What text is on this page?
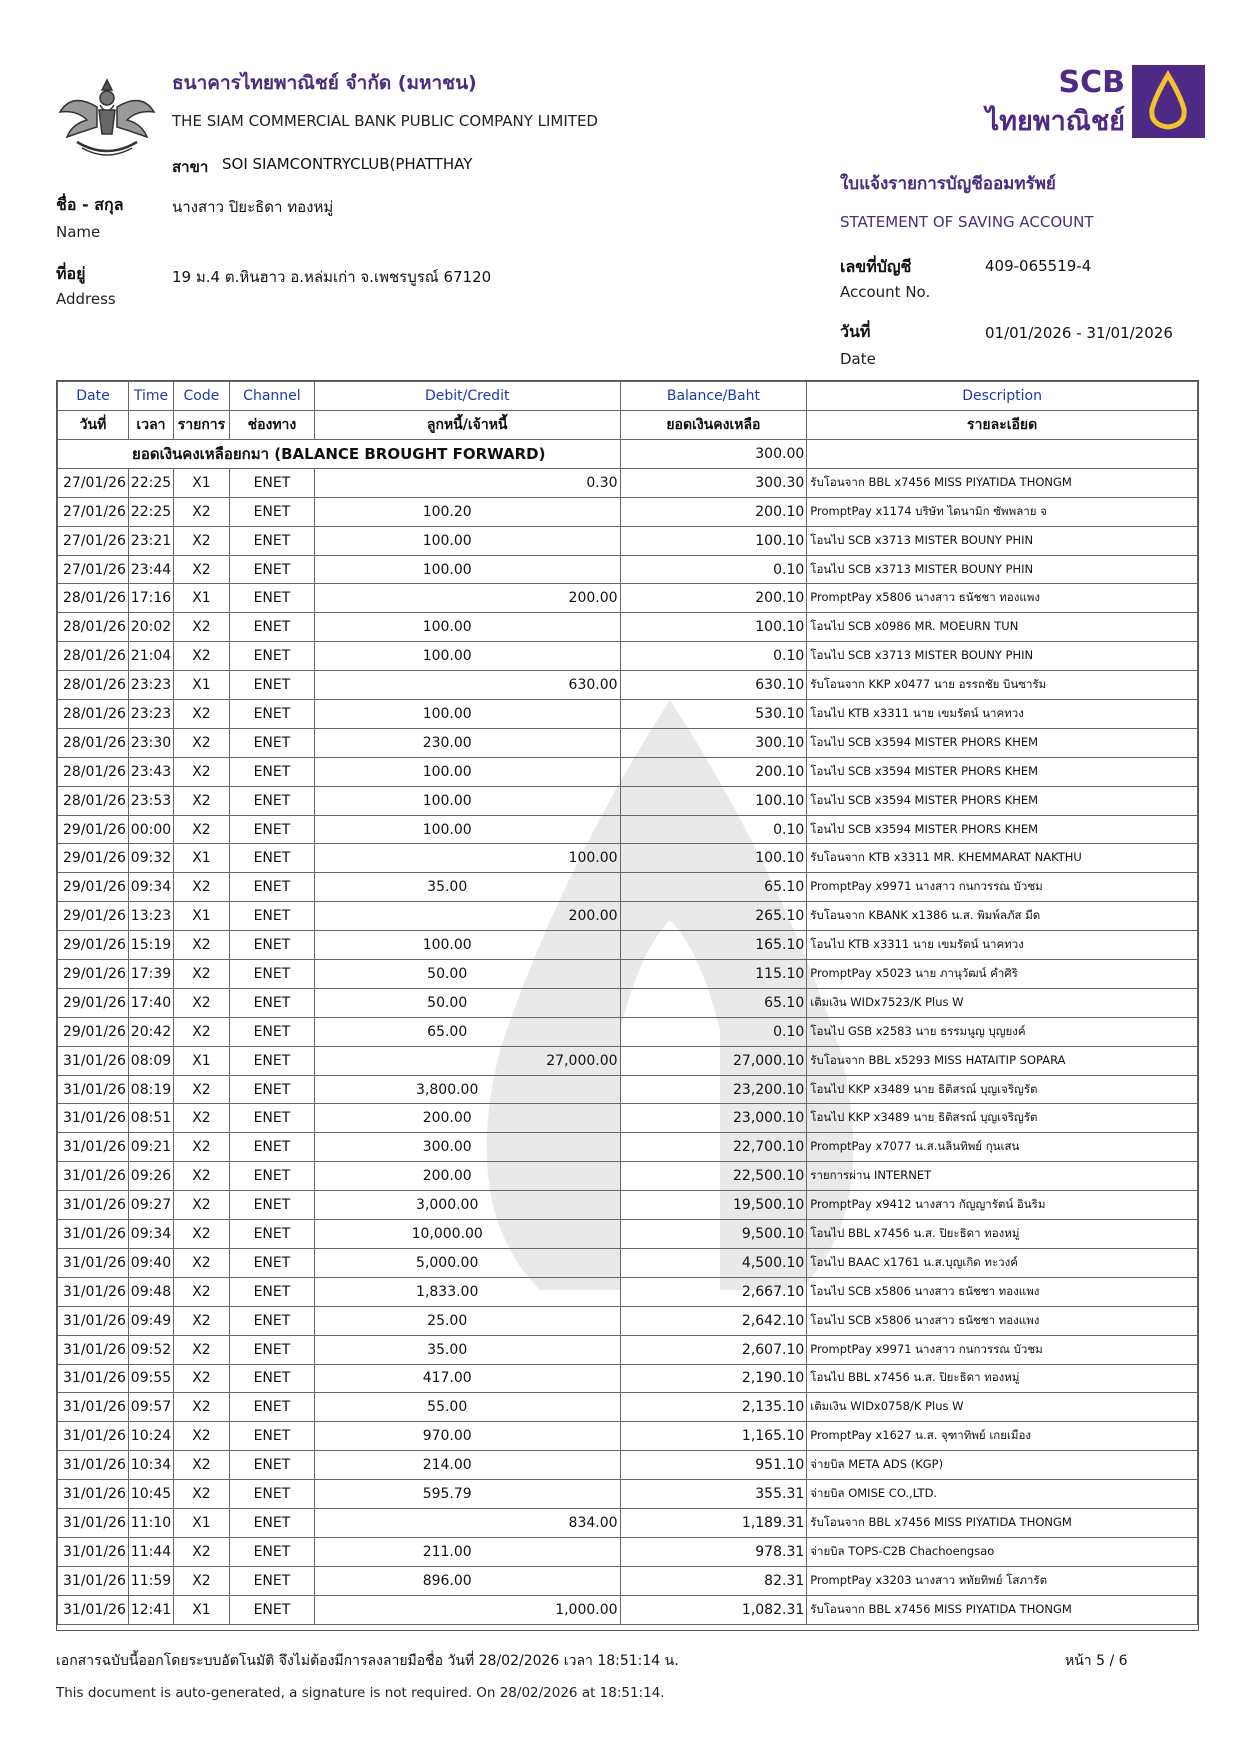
ธนาคารไทยพาณิชย์ จำกัด (มหาชน)
THE SIAM COMMERCIAL BANK PUBLIC COMPANY LIMITED
สาขา SOI SIAMCONTRYCLUB(PHATTHAY
ชื่อ - สกุล
Name
นางสาว ปิยะธิดา ทองหมู่
ที่อยู่
Address
19 ม.4 ต.หินฮาว อ.หล่มเก่า จ.เพชรบูรณ์ 67120
SCB
ไทยพาณิชย์
ใบแจ้งรายการบัญชีออมทรัพย์
STATEMENT OF SAVING ACCOUNT
เลขที่บัญชี
Account No.
409-065519-4
วันที่
Date
01/01/2026 - 31/01/2026
Date	Time	Code	Channel	Debit/Credit	Balance/Baht	Description
วันที่	เวลา	รายการ	ช่องทาง	ลูกหนี้/เจ้าหนี้	ยอดเงินคงเหลือ	รายละเอียด
ยอดเงินคงเหลือยกมา (BALANCE BROUGHT FORWARD)					300.00	
27/01/26	22:25	X1	ENET	0.30	300.30	รับโอนจาก BBL x7456 MISS PIYATIDA THONGM
27/01/26	22:25	X2	ENET	100.20	200.10	PromptPay x1174 บริษัท ไดนามิก ซัพพลาย จ
27/01/26	23:21	X2	ENET	100.00	100.10	โอนไป SCB x3713 MISTER BOUNY PHIN
27/01/26	23:44	X2	ENET	100.00	0.10	โอนไป SCB x3713 MISTER BOUNY PHIN
28/01/26	17:16	X1	ENET	200.00	200.10	PromptPay x5806 นางสาว ธนัชชา ทองแพง
28/01/26	20:02	X2	ENET	100.00	100.10	โอนไป SCB x0986 MR. MOEURN TUN
28/01/26	21:04	X2	ENET	100.00	0.10	โอนไป SCB x3713 MISTER BOUNY PHIN
28/01/26	23:23	X1	ENET	630.00	630.10	รับโอนจาก KKP x0477 นาย อรรถชัย บินซารัม
28/01/26	23:23	X2	ENET	100.00	530.10	โอนไป KTB x3311 นาย เขมรัตน์ นาคทวง
28/01/26	23:30	X2	ENET	230.00	300.10	โอนไป SCB x3594 MISTER PHORS KHEM
28/01/26	23:43	X2	ENET	100.00	200.10	โอนไป SCB x3594 MISTER PHORS KHEM
28/01/26	23:53	X2	ENET	100.00	100.10	โอนไป SCB x3594 MISTER PHORS KHEM
29/01/26	00:00	X2	ENET	100.00	0.10	โอนไป SCB x3594 MISTER PHORS KHEM
29/01/26	09:32	X1	ENET	100.00	100.10	รับโอนจาก KTB x3311 MR. KHEMMARAT NAKTHU
29/01/26	09:34	X2	ENET	35.00	65.10	PromptPay x9971 นางสาว กนกวรรณ บัวชม
29/01/26	13:23	X1	ENET	200.00	265.10	รับโอนจาก KBANK x1386 น.ส. พิมพ์ลภัส มีด
29/01/26	15:19	X2	ENET	100.00	165.10	โอนไป KTB x3311 นาย เขมรัตน์ นาคทวง
29/01/26	17:39	X2	ENET	50.00	115.10	PromptPay x5023 นาย ภานุวัฒน์ คำศิริ
29/01/26	17:40	X2	ENET	50.00	65.10	เติมเงิน WIDx7523/K Plus W
29/01/26	20:42	X2	ENET	65.00	0.10	โอนไป GSB x2583 นาย ธรรมนูญ บุญยงค์
31/01/26	08:09	X1	ENET	27,000.00	27,000.10	รับโอนจาก BBL x5293 MISS HATAITIP SOPARA
31/01/26	08:19	X2	ENET	3,800.00	23,200.10	โอนไป KKP x3489 นาย ธิติสรณ์ บุญเจริญรัต
31/01/26	08:51	X2	ENET	200.00	23,000.10	โอนไป KKP x3489 นาย ธิติสรณ์ บุญเจริญรัต
31/01/26	09:21	X2	ENET	300.00	22,700.10	PromptPay x7077 น.ส.นลินทิพย์ กุนเสน
31/01/26	09:26	X2	ENET	200.00	22,500.10	รายการผ่าน INTERNET
31/01/26	09:27	X2	ENET	3,000.00	19,500.10	PromptPay x9412 นางสาว กัญญารัตน์ อินริม
31/01/26	09:34	X2	ENET	10,000.00	9,500.10	โอนไป BBL x7456 น.ส. ปิยะธิดา ทองหมู่
31/01/26	09:40	X2	ENET	5,000.00	4,500.10	โอนไป BAAC x1761 น.ส.บุญเกิด ทะวงค์
31/01/26	09:48	X2	ENET	1,833.00	2,667.10	โอนไป SCB x5806 นางสาว ธนัชชา ทองแพง
31/01/26	09:49	X2	ENET	25.00	2,642.10	โอนไป SCB x5806 นางสาว ธนัชชา ทองแพง
31/01/26	09:52	X2	ENET	35.00	2,607.10	PromptPay x9971 นางสาว กนกวรรณ บัวชม
31/01/26	09:55	X2	ENET	417.00	2,190.10	โอนไป BBL x7456 น.ส. ปิยะธิดา ทองหมู่
31/01/26	09:57	X2	ENET	55.00	2,135.10	เติมเงิน WIDx0758/K Plus W
31/01/26	10:24	X2	ENET	970.00	1,165.10	PromptPay x1627 น.ส. จุฑาทิพย์ เกยเมือง
31/01/26	10:34	X2	ENET	214.00	951.10	จ่ายบิล META ADS (KGP)
31/01/26	10:45	X2	ENET	595.79	355.31	จ่ายบิล OMISE CO.,LTD.
31/01/26	11:10	X1	ENET	834.00	1,189.31	รับโอนจาก BBL x7456 MISS PIYATIDA THONGM
31/01/26	11:44	X2	ENET	211.00	978.31	จ่ายบิล TOPS-C2B Chachoengsao
31/01/26	11:59	X2	ENET	896.00	82.31	PromptPay x3203 นางสาว หทัยทิพย์ โสภารัต
31/01/26	12:41	X1	ENET	1,000.00	1,082.31	รับโอนจาก BBL x7456 MISS PIYATIDA THONGM
เอกสารฉบับนี้ออกโดยระบบอัตโนมัติ จึงไม่ต้องมีการลงลายมือชื่อ วันที่ 28/02/2026 เวลา 18:51:14 น.
This document is auto-generated, a signature is not required. On 28/02/2026 at 18:51:14.
หน้า 5 / 6
